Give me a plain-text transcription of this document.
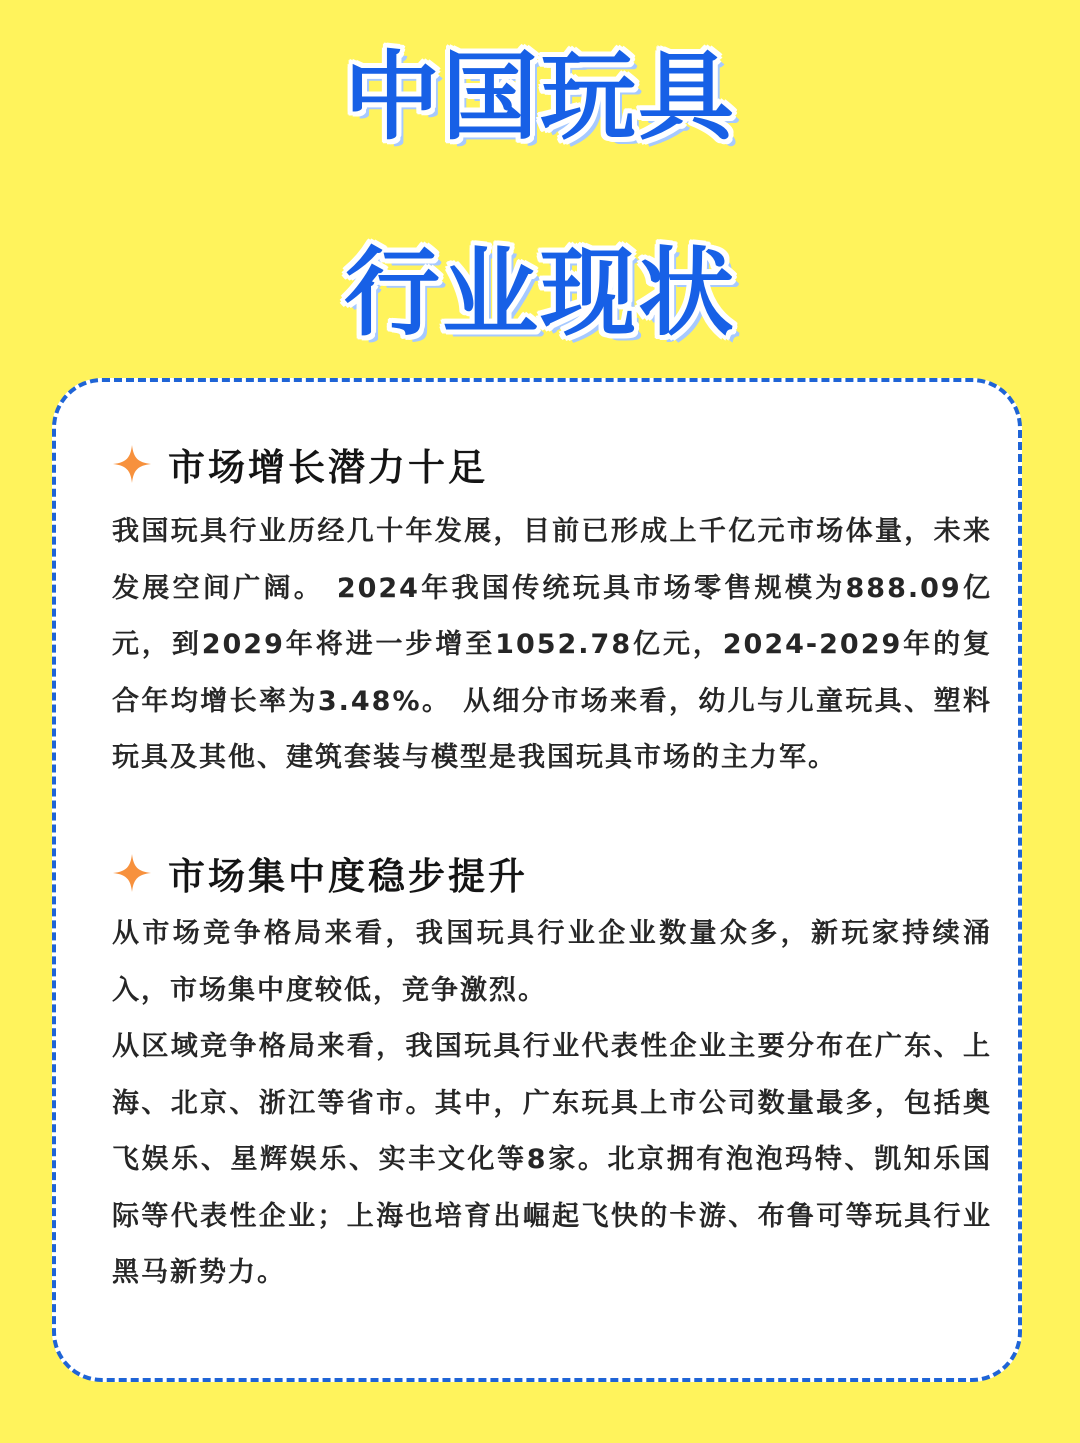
中国玩具
行业现状
市场增长潜力十足

我国玩具行业历经几十年发展，目前已形成上千亿元市场体量，未来发展空间广阔。 2024年我国传统玩具市场零售规模为888.09亿元，到2029年将进一步增至1052.78亿元，2024-2029年的复合年均增长率为3.48%。 从细分市场来看，幼儿与儿童玩具、塑料玩具及其他、建筑套装与模型是我国玩具市场的主力军。

市场集中度稳步提升

从市场竞争格局来看，我国玩具行业企业数量众多，新玩家持续涌入，市场集中度较低，竞争激烈。

从区域竞争格局来看，我国玩具行业代表性企业主要分布在广东、上海、北京、浙江等省市。其中，广东玩具上市公司数量最多，包括奥飞娱乐、星辉娱乐、实丰文化等8家。北京拥有泡泡玛特、凯知乐国际等代表性企业；上海也培育出崛起飞快的卡游、布鲁可等玩具行业黑马新势力。
